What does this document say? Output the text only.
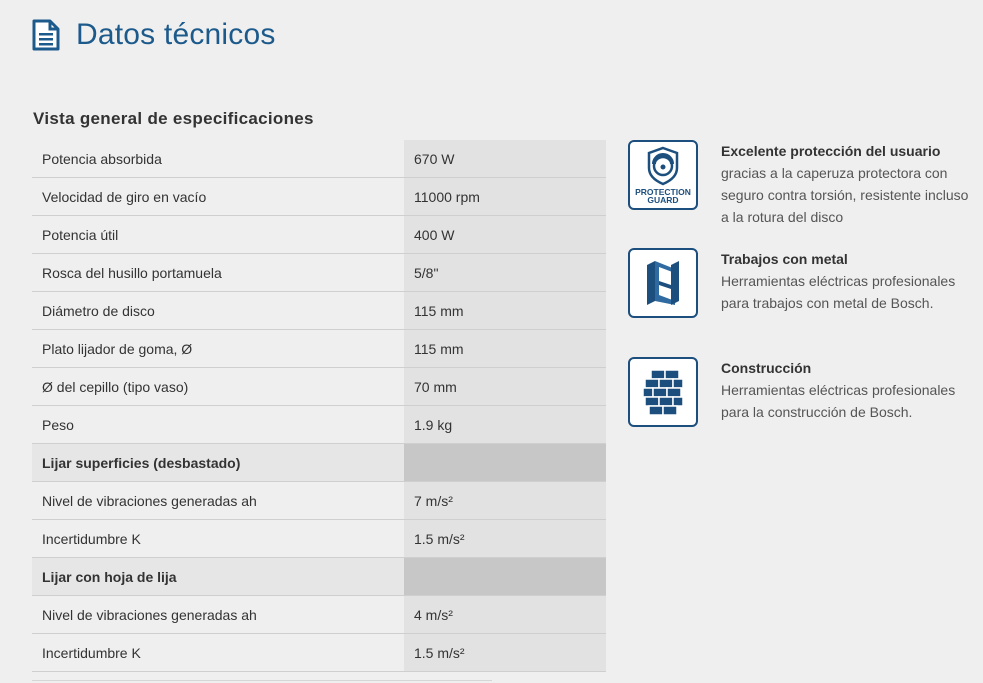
Datos técnicos
Vista general de especificaciones
Potencia absorbida	670 W
Velocidad de giro en vacío	11000 rpm
Potencia útil	400 W
Rosca del husillo portamuela	5/8"
Diámetro de disco	115 mm
Plato lijador de goma, Ø	115 mm
Ø del cepillo (tipo vaso)	70 mm
Peso	1.9 kg
Lijar superficies (desbastado)	
Nivel de vibraciones generadas ah	7 m/s²
Incertidumbre K	1.5 m/s²
Lijar con hoja de lija	
Nivel de vibraciones generadas ah	4 m/s²
Incertidumbre K	1.5 m/s²
PROTECTION
GUARD
Excelente protección del usuario
gracias a la caperuza protectora con seguro contra torsión, resistente incluso a la rotura del disco
Trabajos con metal
Herramientas eléctricas profesionales para trabajos con metal de Bosch.
Construcción
Herramientas eléctricas profesionales para la construcción de Bosch.
